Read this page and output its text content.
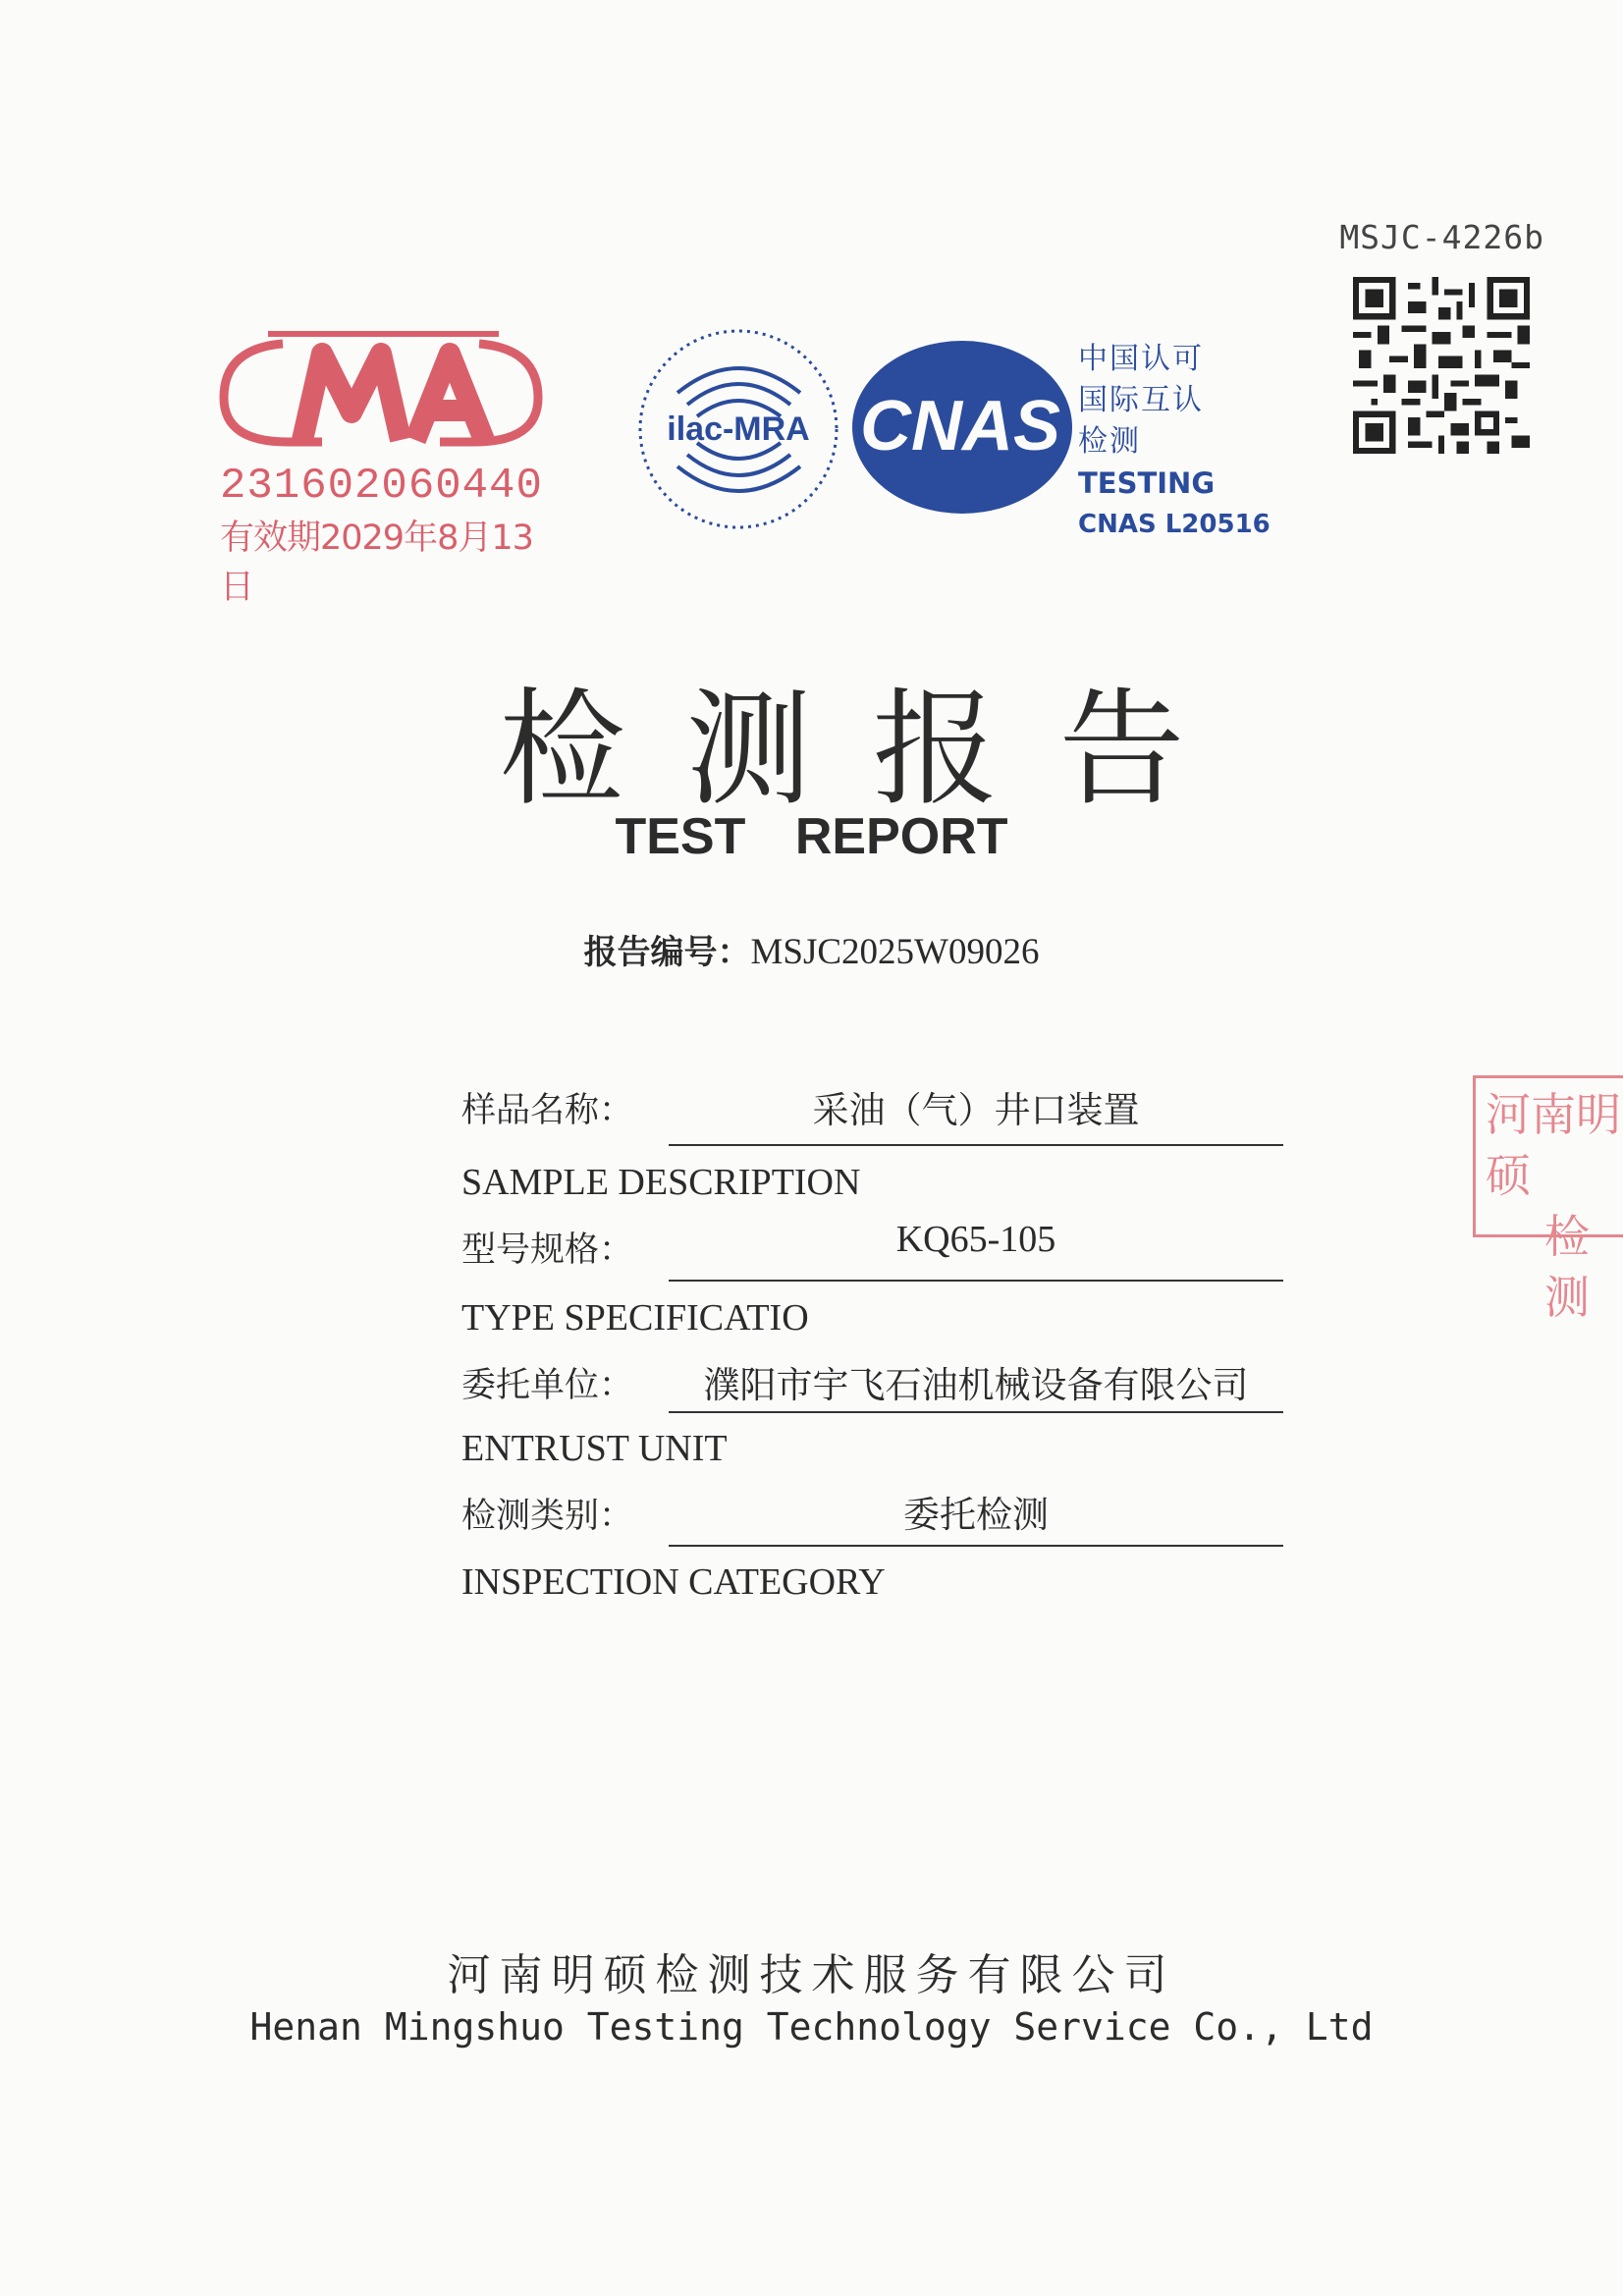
MSJC-4226b
231602060440
有效期2029年8月13日
ilac-MRA CNAS
中国认可
国际互认
检测
TESTING
CNAS L20516
检测报告
TEST REPORT
报告编号：MSJC2025W09026
样品名称：	采油（气）井口装置
SAMPLE DESCRIPTION
型号规格：	KQ65-105
TYPE SPECIFICATIO
委托单位：	濮阳市宇飞石油机械设备有限公司
ENTRUST UNIT
检测类别：	委托检测
INSPECTION CATEGORY
河南明硕
检测
河南明硕检测技术服务有限公司
Henan Mingshuo Testing Technology Service Co., Ltd
